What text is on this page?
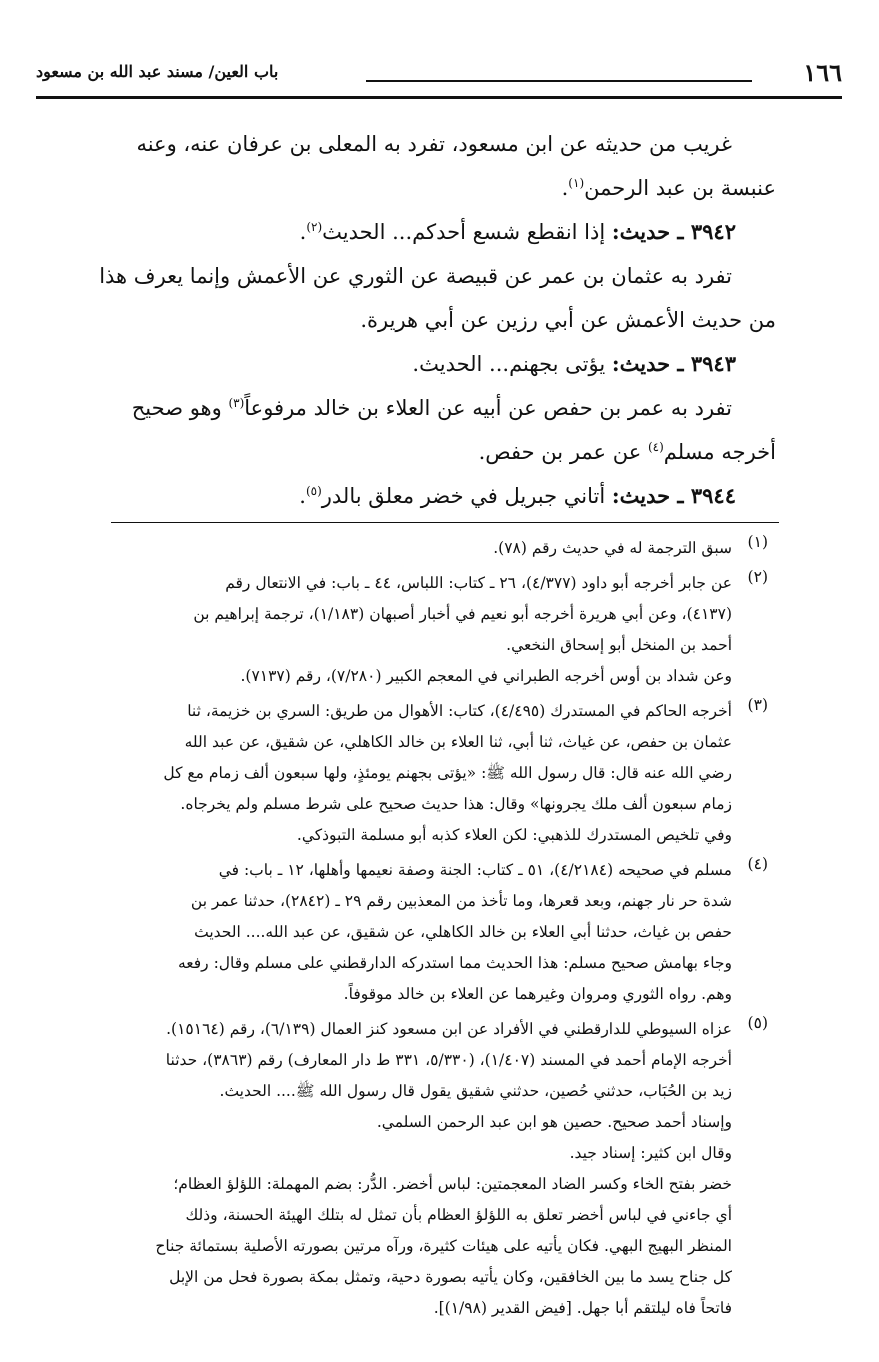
١٦٦
باب العين/ مسند عبد الله بن مسعود

غريب من حديثه عن ابن مسعود، تفرد به المعلى بن عرفان عنه، وعنه

عنبسة بن عبد الرحمن$^{(١)}$.

٣٩٤٢ ـ حديث: إذا انقطع شسع أحدكم... الحديث$^{(٢)}$.

تفرد به عثمان بن عمر عن قبيصة عن الثوري عن الأعمش وإنما يعرف هذا

من حديث الأعمش عن أبي رزين عن أبي هريرة.

٣٩٤٣ ـ حديث: يؤتى بجهنم... الحديث.

تفرد به عمر بن حفص عن أبيه عن العلاء بن خالد مرفوعاً$^{(٣)}$ وهو صحيح

أخرجه مسلم$^{(٤)}$ عن عمر بن حفص.

٣٩٤٤ ـ حديث: أتاني جبريل في خضر معلق بالدر$^{(٥)}$.

(١)

سبق الترجمة له في حديث رقم (٧٨).

(٢)

عن جابر أخرجه أبو داود (٤/٣٧٧)، ٢٦ ـ كتاب: اللباس، ٤٤ ـ باب: في الانتعال رقم

(٤١٣٧)، وعن أبي هريرة أخرجه أبو نعيم في أخبار أصبهان (١/١٨٣)، ترجمة إبراهيم بن

أحمد بن المنخل أبو إسحاق النخعي.

وعن شداد بن أوس أخرجه الطبراني في المعجم الكبير (٧/٢٨٠)، رقم (٧١٣٧).

(٣)

أخرجه الحاكم في المستدرك (٤/٤٩٥)، كتاب: الأهوال من طريق: السري بن خزيمة، ثنا

عثمان بن حفص، عن غياث، ثنا أبي، ثنا العلاء بن خالد الكاهلي، عن شقيق، عن عبد الله

رضي الله عنه قال: قال رسول الله ﷺ: «يؤتى بجهنم يومئذٍ، ولها سبعون ألف زمام مع كل

زمام سبعون ألف ملك يجرونها» وقال: هذا حديث صحيح على شرط مسلم ولم يخرجاه.

وفي تلخيص المستدرك للذهبي: لكن العلاء كذبه أبو مسلمة التبوذكي.

(٤)

مسلم في صحيحه (٤/٢١٨٤)، ٥١ ـ كتاب: الجنة وصفة نعيمها وأهلها، ١٢ ـ باب: في

شدة حر نار جهنم، وبعد قعرها، وما تأخذ من المعذبين رقم ٢٩ ـ (٢٨٤٢)، حدثنا عمر بن

حفص بن غياث، حدثنا أبي العلاء بن خالد الكاهلي، عن شقيق، عن عبد الله.... الحديث

وجاء بهامش صحيح مسلم: هذا الحديث مما استدركه الدارقطني على مسلم وقال: رفعه

وهم. رواه الثوري ومروان وغيرهما عن العلاء بن خالد موقوفاً.

(٥)

عزاه السيوطي للدارقطني في الأفراد عن ابن مسعود كنز العمال (٦/١٣٩)، رقم (١٥١٦٤).

أخرجه الإمام أحمد في المسند (١/٤٠٧)، (٥/٣٣٠، ٣٣١ ط دار المعارف) رقم (٣٨٦٣)، حدثنا

زيد بن الحُبَاب، حدثني حُصين، حدثني شقيق يقول قال رسول الله ﷺ.... الحديث.

وإسناد أحمد صحيح. حصين هو ابن عبد الرحمن السلمي.

وقال ابن كثير: إسناد جيد.

خضر بفتح الخاء وكسر الضاد المعجمتين: لباس أخضر. الدُّر: بضم المهملة: اللؤلؤ العظام؛

أي جاءني في لباس أخضر تعلق به اللؤلؤ العظام بأن تمثل له بتلك الهيئة الحسنة، وذلك

المنظر البهيج البهي. فكان يأتيه على هيئات كثيرة، ورآه مرتين بصورته الأصلية بستمائة جناح

كل جناح يسد ما بين الخافقين، وكان يأتيه بصورة دحية، وتمثل بمكة بصورة فحل من الإبل

فاتحاً فاه ليلتقم أبا جهل. [فيض القدير (١/٩٨)].
